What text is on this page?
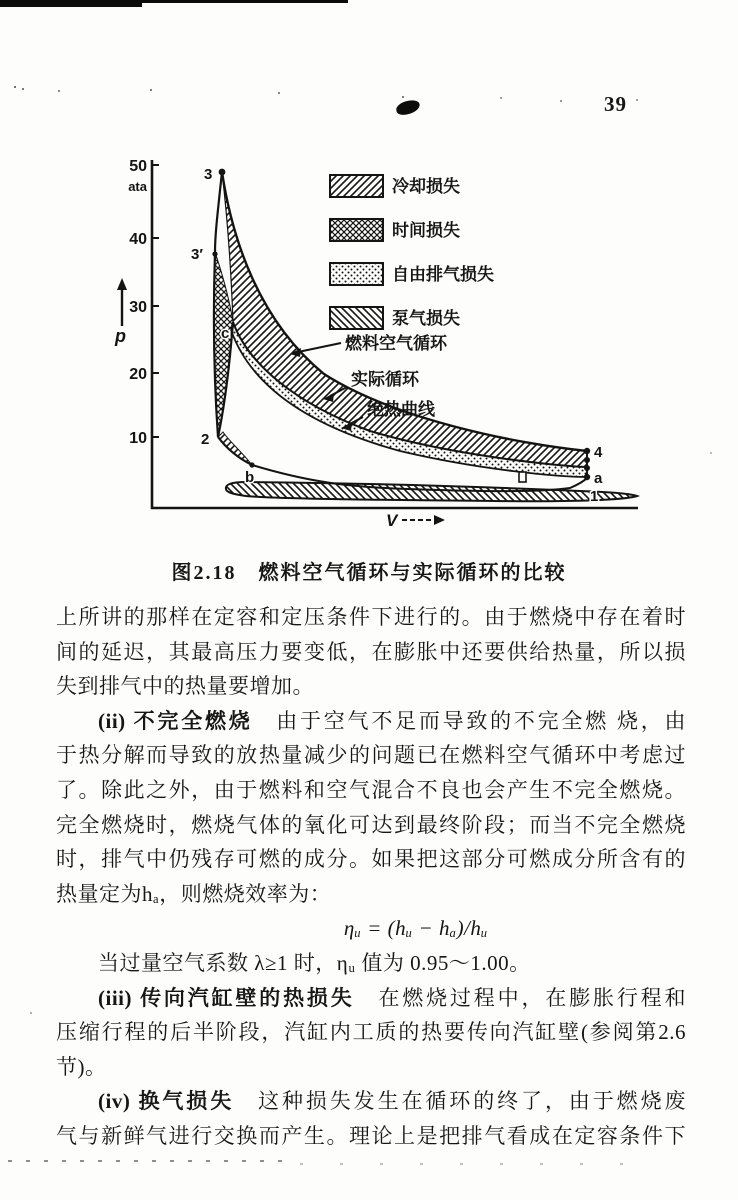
39
50
ata
40
30
20
10
p
V
3
3′
c
2
b
4
a
1
冷却损失
时间损失
自由排气损失
泵气损失
燃料空气循环
实际循环
绝热曲线
图2.18　燃料空气循环与实际循环的比较

上所讲的那样在定容和定压条件下进行的。由于燃烧中存在着时

间的延迟，其最高压力要变低，在膨胀中还要供给热量，所以损

失到排气中的热量要增加。

(ii) 不完全燃烧　由于空气不足而导致的不完全燃 烧，由

于热分解而导致的放热量减少的问题已在燃料空气循环中考虑过

了。除此之外，由于燃料和空气混合不良也会产生不完全燃烧。

完全燃烧时，燃烧气体的氧化可达到最终阶段；而当不完全燃烧

时，排气中仍残存可燃的成分。如果把这部分可燃成分所含有的

热量定为hₐ，则燃烧效率为：

ηᵤ = (hᵤ − hₐ)/hᵤ

当过量空气系数 λ≥1 时，ηᵤ 值为 0.95～1.00。

(iii) 传向汽缸壁的热损失　在燃烧过程中，在膨胀行程和

压缩行程的后半阶段，汽缸内工质的热要传向汽缸壁(参阅第2.6

节)。

(iv) 换气损失　这种损失发生在循环的终了，由于燃烧废

气与新鲜气进行交换而产生。理论上是把排气看成在定容条件下
